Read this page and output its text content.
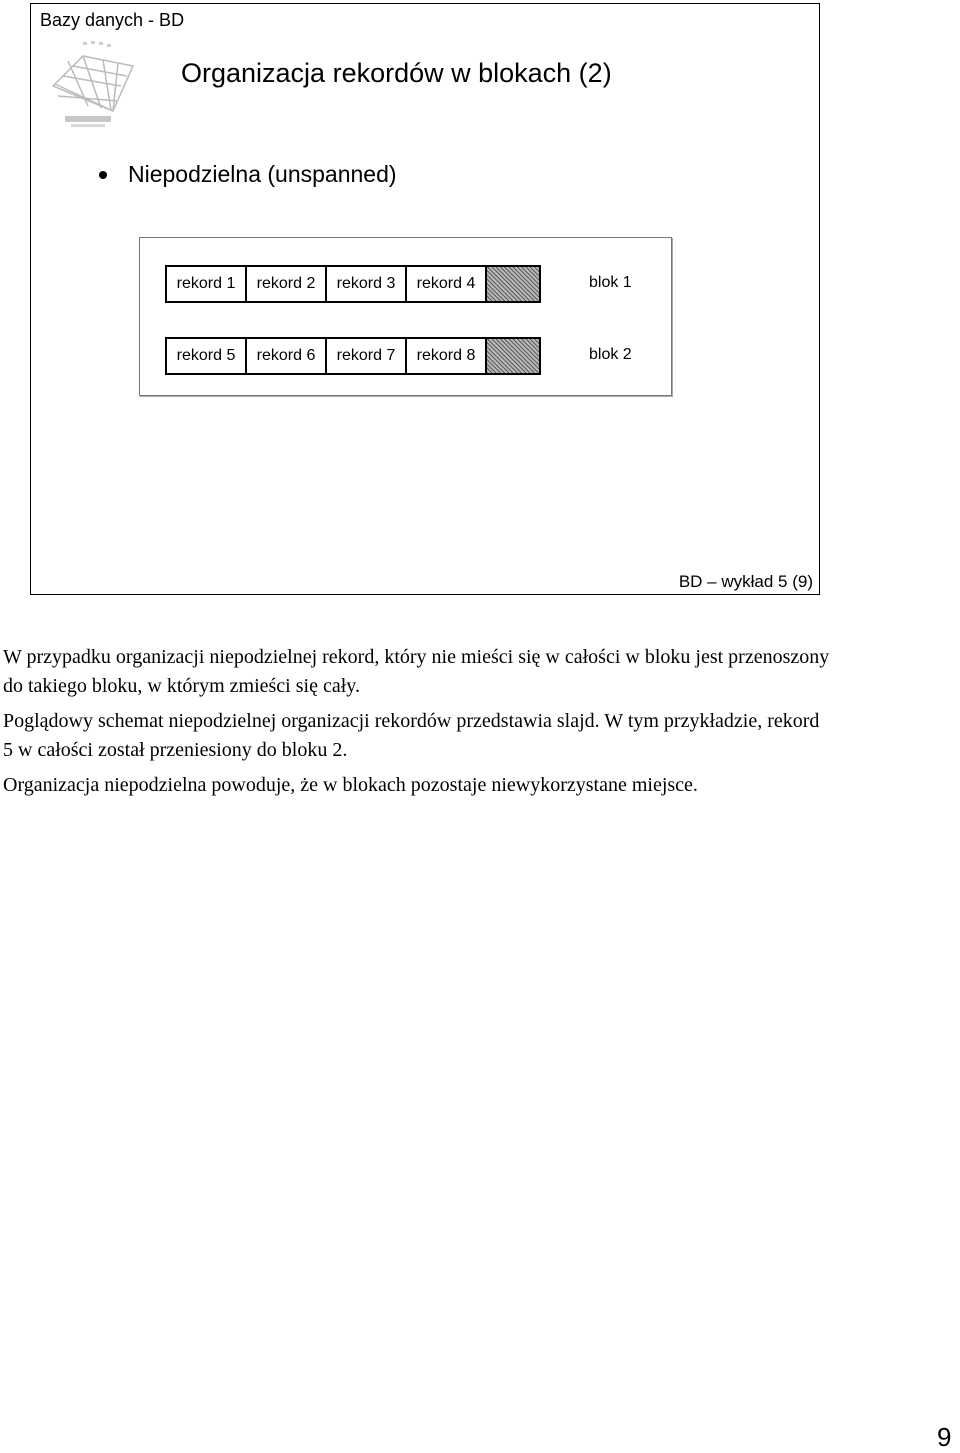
Bazy danych - BD
Organizacja rekordów w blokach (2)
Niepodzielna (unspanned)
rekord 1	rekord 2	rekord 3	rekord 4	blok 1
rekord 5	rekord 6	rekord 7	rekord 8	blok 2
BD – wykład 5 (9)

W przypadku organizacji niepodzielnej rekord, który nie mieści się w całości w bloku jest przenoszony do takiego bloku, w którym zmieści się cały.

Poglądowy schemat niepodzielnej organizacji rekordów przedstawia slajd. W tym przykładzie, rekord 5 w całości został przeniesiony do bloku 2.

Organizacja niepodzielna powoduje, że w blokach pozostaje niewykorzystane miejsce.

9
